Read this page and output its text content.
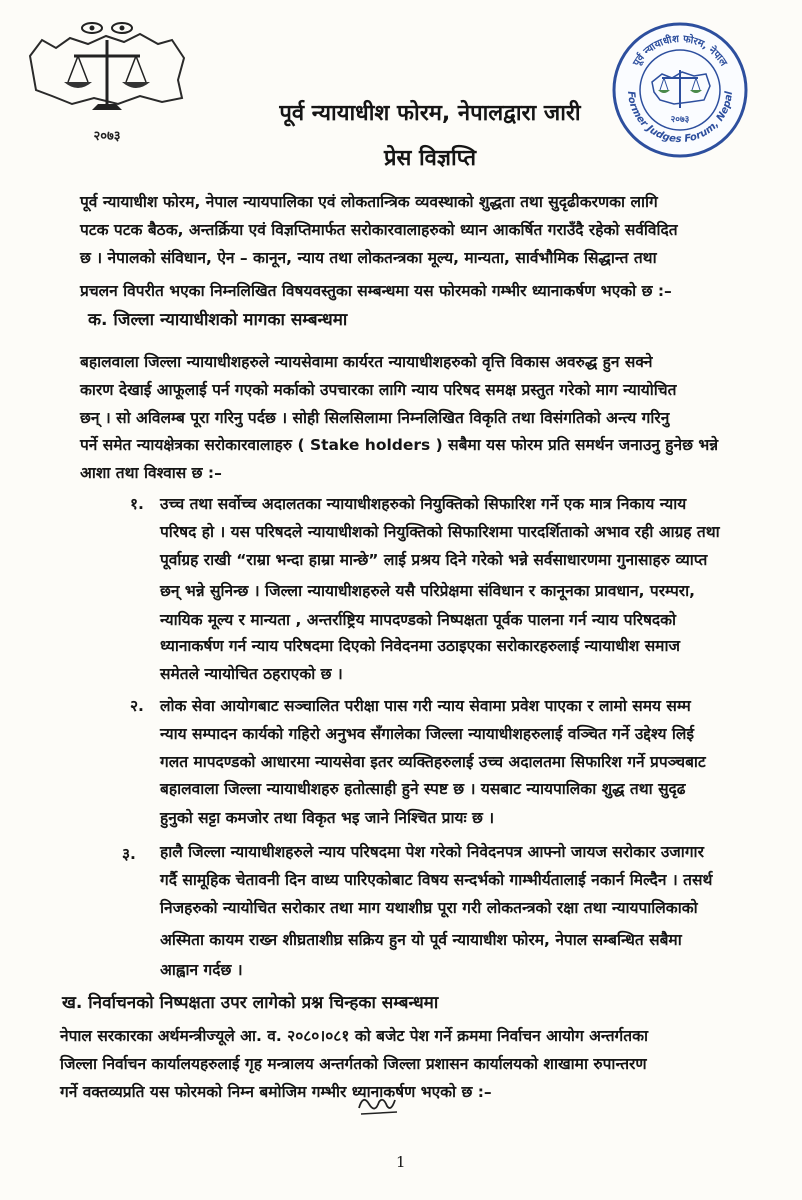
२०७३
पूर्व न्यायाधीश फोरम, नेपाल
Former Judges Forum, Nepal
२०७३
पूर्व न्यायाधीश फोरम, नेपालद्वारा जारी
प्रेस विज्ञप्ति
पूर्व न्यायाधीश फोरम, नेपाल न्यायपालिका एवं लोकतान्त्रिक व्यवस्थाको शुद्धता तथा सुदृढीकरणका लागि
पटक पटक बैठक, अन्तर्क्रिया एवं विज्ञप्तिमार्फत सरोकारवालाहरुको ध्यान आकर्षित गराउँदै रहेको सर्वविदित
छ । नेपालको संविधान, ऐन – कानून, न्याय तथा लोकतन्त्रका मूल्य, मान्यता, सार्वभौमिक सिद्धान्त तथा
प्रचलन विपरीत भएका निम्नलिखित विषयवस्तुका सम्बन्धमा यस फोरमको गम्भीर ध्यानाकर्षण भएको छ :–
क. जिल्ला न्यायाधीशको मागका सम्बन्धमा
बहालवाला जिल्ला न्यायाधीशहरुले न्यायसेवामा कार्यरत न्यायाधीशहरुको वृत्ति विकास अवरुद्ध हुन सक्ने
कारण देखाई आफूलाई पर्न गएको मर्काको उपचारका लागि न्याय परिषद समक्ष प्रस्तुत गरेको माग न्यायोचित
छन् । सो अविलम्ब पूरा गरिनु पर्दछ । सोही सिलसिलामा निम्नलिखित विकृति तथा विसंगतिको अन्त्य गरिनु
पर्ने समेत न्यायक्षेत्रका सरोकारवालाहरु ( Stake holders ) सबैमा यस फोरम प्रति समर्थन जनाउनु हुनेछ भन्ने
आशा तथा विश्वास छ :–
१. उच्च तथा सर्वोच्च अदालतका न्यायाधीशहरुको नियुक्तिको सिफारिश गर्ने एक मात्र निकाय न्याय
परिषद हो । यस परिषदले न्यायाधीशको नियुक्तिको सिफारिशमा पारदर्शिताको अभाव रही आग्रह तथा
पूर्वाग्रह राखी “राम्रा भन्दा हाम्रा मान्छे” लाई प्रश्रय दिने गरेको भन्ने सर्वसाधारणमा गुनासाहरु व्याप्त
छन् भन्ने सुनिन्छ । जिल्ला न्यायाधीशहरुले यसै परिप्रेक्षमा संविधान र कानूनका प्रावधान, परम्परा,
न्यायिक मूल्य र मान्यता , अन्तर्राष्ट्रिय मापदण्डको निष्पक्षता पूर्वक पालना गर्न न्याय परिषदको
ध्यानाकर्षण गर्न न्याय परिषदमा दिएको निवेदनमा उठाइएका सरोकारहरुलाई न्यायाधीश समाज
समेतले न्यायोचित ठहराएको छ ।
२. लोक सेवा आयोगबाट सञ्चालित परीक्षा पास गरी न्याय सेवामा प्रवेश पाएका र लामो समय सम्म
न्याय सम्पादन कार्यको गहिरो अनुभव सँगालेका जिल्ला न्यायाधीशहरुलाई वञ्चित गर्ने उद्देश्य लिई
गलत मापदण्डको आधारमा न्यायसेवा इतर व्यक्तिहरुलाई उच्च अदालतमा सिफारिश गर्ने प्रपञ्चबाट
बहालवाला जिल्ला न्यायाधीशहरु हतोत्साही हुने स्पष्ट छ । यसबाट न्यायपालिका शुद्ध तथा सुदृढ
हुनुको सट्टा कमजोर तथा विकृत भइ जाने निश्चित प्रायः छ ।
३. हालै जिल्ला न्यायाधीशहरुले न्याय परिषदमा पेश गरेको निवेदनपत्र आफ्नो जायज सरोकार उजागार
गर्दै सामूहिक चेतावनी दिन वाध्य पारिएकोबाट विषय सन्दर्भको गाम्भीर्यतालाई नकार्न मिल्दैन । तसर्थ
निजहरुको न्यायोचित सरोकार तथा माग यथाशीघ्र पूरा गरी लोकतन्त्रको रक्षा तथा न्यायपालिकाको
अस्मिता कायम राख्न शीघ्रताशीघ्र सक्रिय हुन यो पूर्व न्यायाधीश फोरम, नेपाल सम्बन्धित सबैमा
आह्वान गर्दछ ।
ख. निर्वाचनको निष्पक्षता उपर लागेको प्रश्न चिन्हका सम्बन्धमा
नेपाल सरकारका अर्थमन्त्रीज्यूले आ. व. २०८०।०८१ को बजेट पेश गर्ने क्रममा निर्वाचन आयोग अन्तर्गतका
जिल्ला निर्वाचन कार्यालयहरुलाई गृह मन्त्रालय अन्तर्गतको जिल्ला प्रशासन कार्यालयको शाखामा रुपान्तरण
गर्ने वक्तव्यप्रति यस फोरमको निम्न बमोजिम गम्भीर ध्यानाकर्षण भएको छ :–
1
